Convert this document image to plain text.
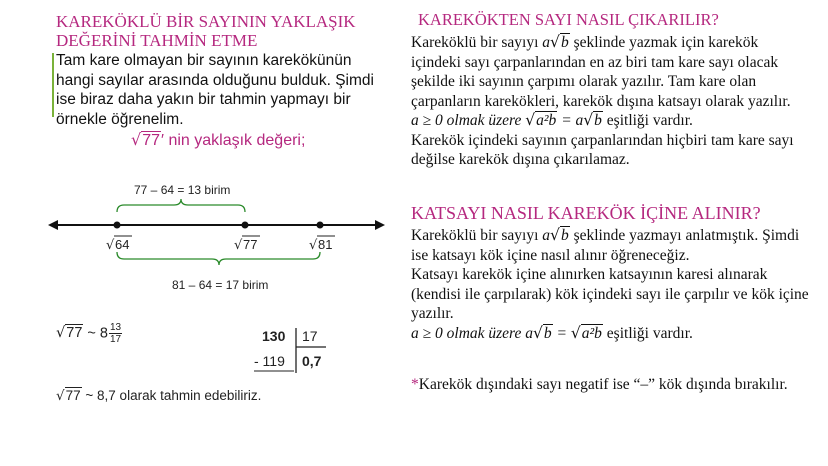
KAREKÖKLÜ BİR SAYININ YAKLAŞIK DEĞERİNİ TAHMİN ETME
Tam kare olmayan bir sayının karekökünün hangi sayılar arasında olduğunu bulduk. Şimdi ise biraz daha yakın bir tahmin yapmayı bir örnekle öğrenelim.
√77′ nin yaklaşık değeri;
77 – 64 = 13 birim
√ 64	√ 77	√ 81
81 – 64 = 17 birim
√77 ~ $8 \frac{13}{17}$	130 17
- 119 0,7
√77 ~ 8,7 olarak tahmin edebiliriz.
KAREKÖKTEN SAYI NASIL ÇIKARILIR?
Kareköklü bir sayıyı a√b şeklinde yazmak için karekök içindeki sayı çarpanlarından en az biri tam kare sayı olacak şekilde iki sayının çarpımı olarak yazılır. Tam kare olan çarpanların karekökleri, karekök dışına katsayı olarak yazılır.
a ≥ 0 olmak üzere √a²b = a√b eşitliği vardır.
Karekök içindeki sayının çarpanlarından hiçbiri tam kare sayı değilse karekök dışına çıkarılamaz.
KATSAYI NASIL KAREKÖK İÇİNE ALINIR?
Kareköklü bir sayıyı a√b şeklinde yazmayı anlatmıştık. Şimdi ise katsayı kök içine nasıl alınır öğreneceğiz.
Katsayı karekök içine alınırken katsayının karesi alınarak (kendisi ile çarpılarak) kök içindeki sayı ile çarpılır ve kök içine yazılır.
a ≥ 0 olmak üzere a√b = √a²b eşitliği vardır.
*Karekök dışındaki sayı negatif ise “–” kök dışında bırakılır.
